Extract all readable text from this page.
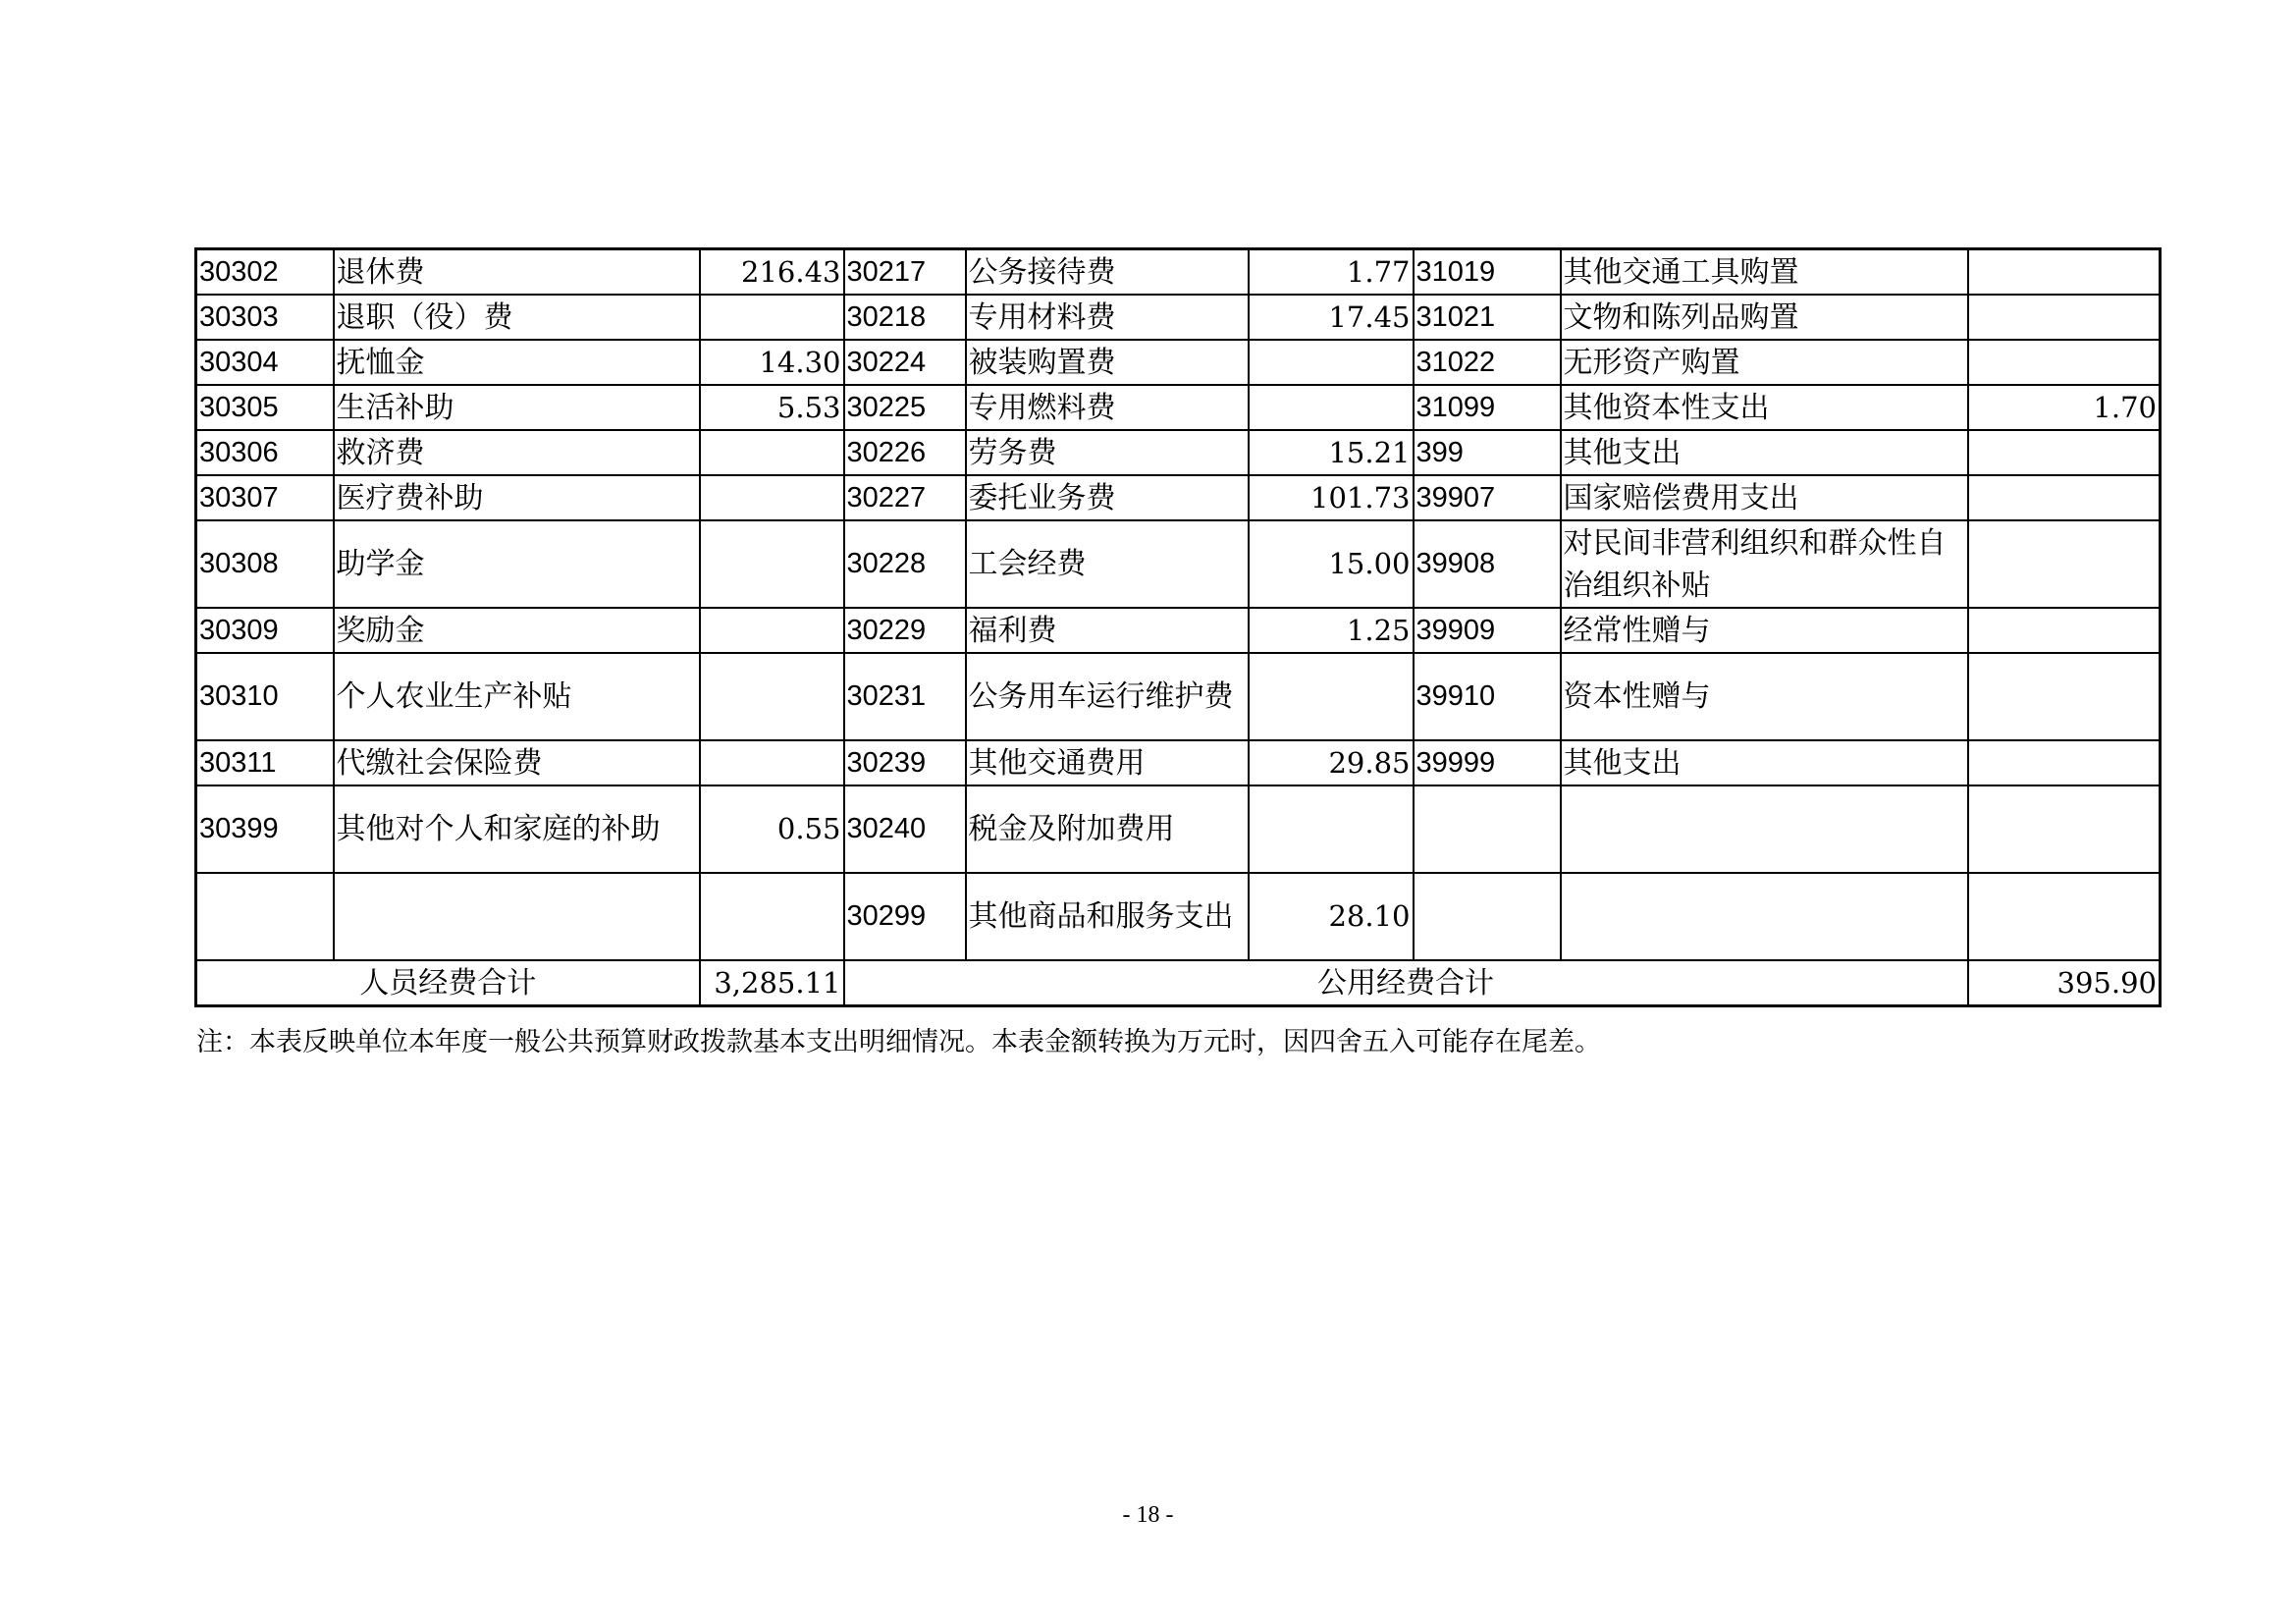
30302	退休费	216.43	30217	公务接待费	1.77	31019	其他交通工具购置	
30303	退职（役）费		30218	专用材料费	17.45	31021	文物和陈列品购置	
30304	抚恤金	14.30	30224	被装购置费		31022	无形资产购置	
30305	生活补助	5.53	30225	专用燃料费		31099	其他资本性支出	1.70
30306	救济费		30226	劳务费	15.21	399	其他支出	
30307	医疗费补助		30227	委托业务费	101.73	39907	国家赔偿费用支出	
30308	助学金		30228	工会经费	15.00	39908	对民间非营利组织和群众性自治组织补贴	
30309	奖励金		30229	福利费	1.25	39909	经常性赠与	
30310	个人农业生产补贴		30231	公务用车运行维护费		39910	资本性赠与	
30311	代缴社会保险费		30239	其他交通费用	29.85	39999	其他支出	
30399	其他对个人和家庭的补助	0.55	30240	税金及附加费用				
			30299	其他商品和服务支出	28.10			
人员经费合计		3,285.11	公用经费合计					395.90
注：本表反映单位本年度一般公共预算财政拨款基本支出明细情况。本表金额转换为万元时，因四舍五入可能存在尾差。
- 18 -
